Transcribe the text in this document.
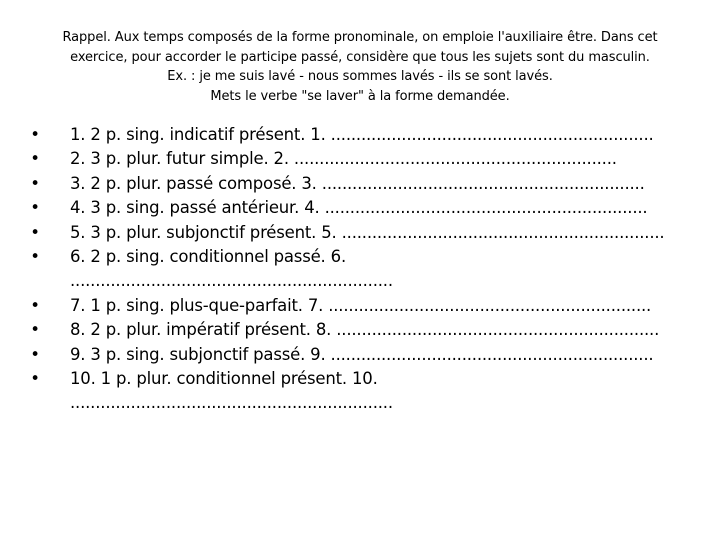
Rappel. Aux temps composés de la forme pronominale, on emploie l'auxiliaire être. Dans cet
exercice, pour accorder le participe passé, considère que tous les sujets sont du masculin.
Ex. : je me suis lavé - nous sommes lavés - ils se sont lavés.
Mets le verbe "se laver" à la forme demandée.
• 1. 2 p. sing. indicatif présent. 1. ................................................................
• 2. 3 p. plur. futur simple. 2. ................................................................
• 3. 2 p. plur. passé composé. 3. ................................................................
• 4. 3 p. sing. passé antérieur. 4. ................................................................
• 5. 3 p. plur. subjonctif présent. 5. ................................................................
• 6. 2 p. sing. conditionnel passé. 6. ................................................................
• 7. 1 p. sing. plus-que-parfait. 7. ................................................................
• 8. 2 p. plur. impératif présent. 8. ................................................................
• 9. 3 p. sing. subjonctif passé. 9. ................................................................
• 10. 1 p. plur. conditionnel présent. 10. ................................................................
